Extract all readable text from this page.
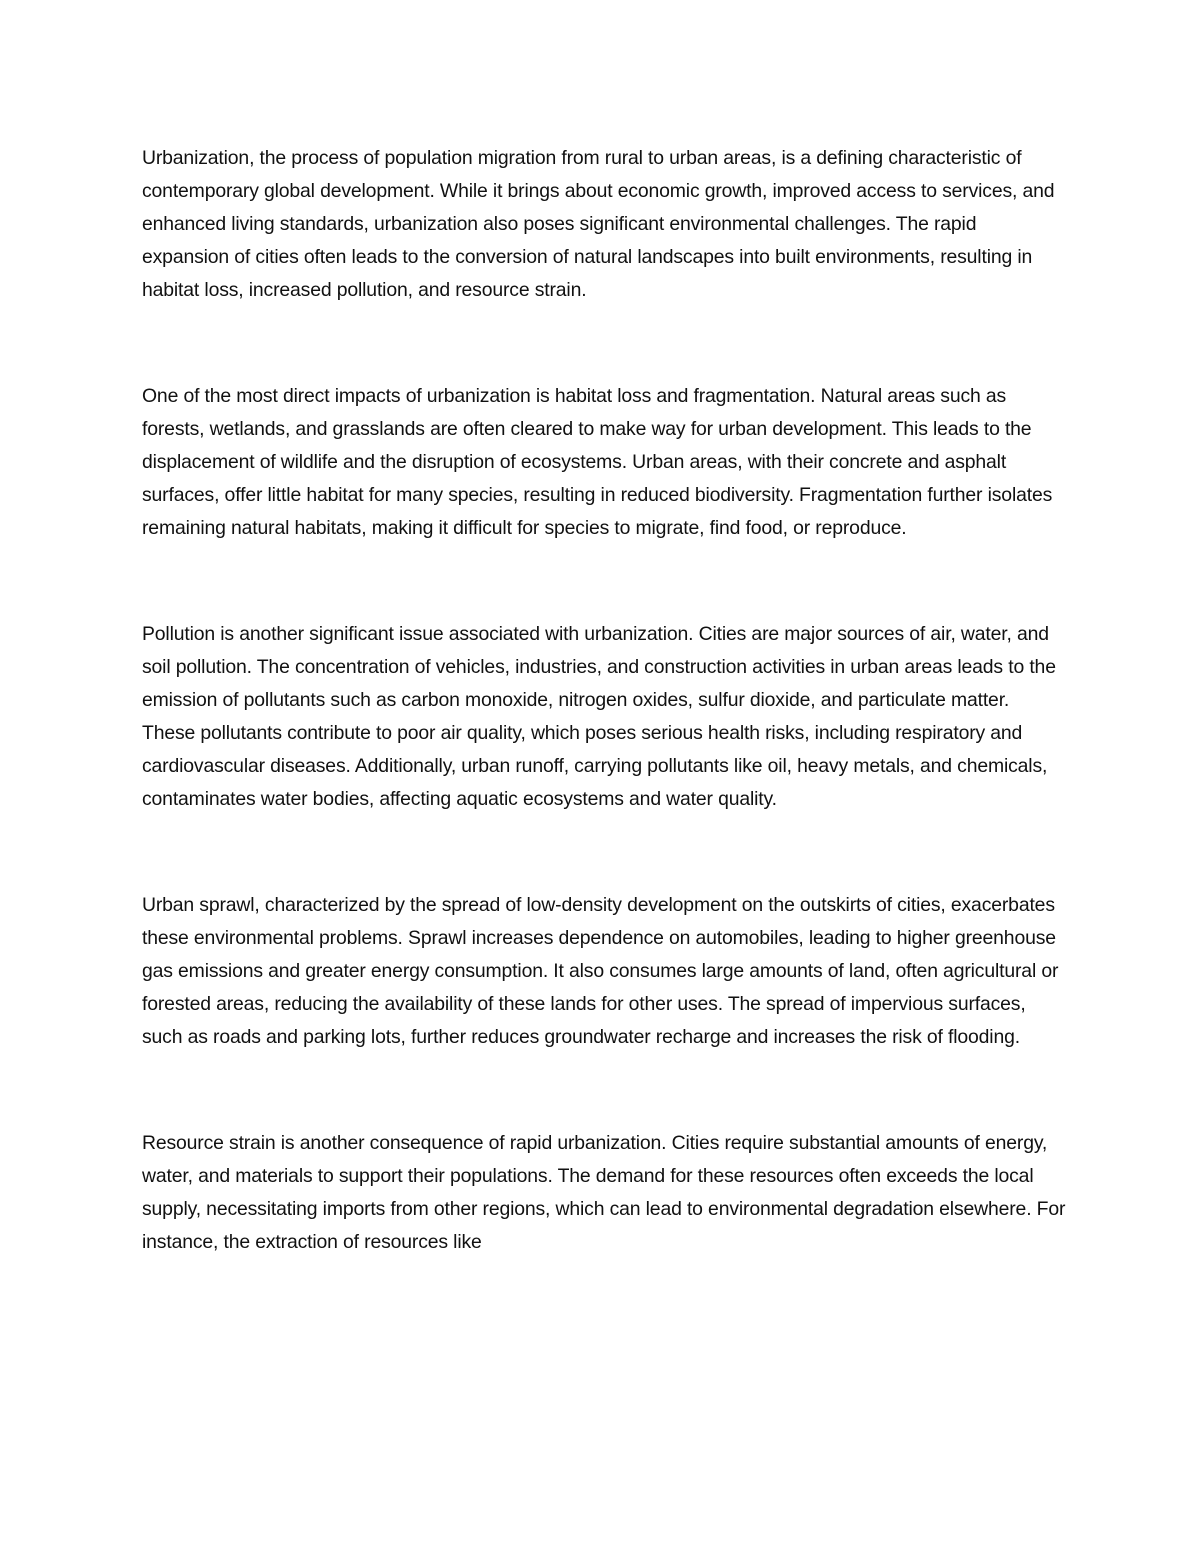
Urbanization, the process of population migration from rural to urban areas, is a defining characteristic of contemporary global development. While it brings about economic growth, improved access to services, and enhanced living standards, urbanization also poses significant environmental challenges. The rapid expansion of cities often leads to the conversion of natural landscapes into built environments, resulting in habitat loss, increased pollution, and resource strain.

One of the most direct impacts of urbanization is habitat loss and fragmentation. Natural areas such as forests, wetlands, and grasslands are often cleared to make way for urban development. This leads to the displacement of wildlife and the disruption of ecosystems. Urban areas, with their concrete and asphalt surfaces, offer little habitat for many species, resulting in reduced biodiversity. Fragmentation further isolates remaining natural habitats, making it difficult for species to migrate, find food, or reproduce.

Pollution is another significant issue associated with urbanization. Cities are major sources of air, water, and soil pollution. The concentration of vehicles, industries, and construction activities in urban areas leads to the emission of pollutants such as carbon monoxide, nitrogen oxides, sulfur dioxide, and particulate matter. These pollutants contribute to poor air quality, which poses serious health risks, including respiratory and cardiovascular diseases. Additionally, urban runoff, carrying pollutants like oil, heavy metals, and chemicals, contaminates water bodies, affecting aquatic ecosystems and water quality.

Urban sprawl, characterized by the spread of low-density development on the outskirts of cities, exacerbates these environmental problems. Sprawl increases dependence on automobiles, leading to higher greenhouse gas emissions and greater energy consumption. It also consumes large amounts of land, often agricultural or forested areas, reducing the availability of these lands for other uses. The spread of impervious surfaces, such as roads and parking lots, further reduces groundwater recharge and increases the risk of flooding.

Resource strain is another consequence of rapid urbanization. Cities require substantial amounts of energy, water, and materials to support their populations. The demand for these resources often exceeds the local supply, necessitating imports from other regions, which can lead to environmental degradation elsewhere. For instance, the extraction of resources like
